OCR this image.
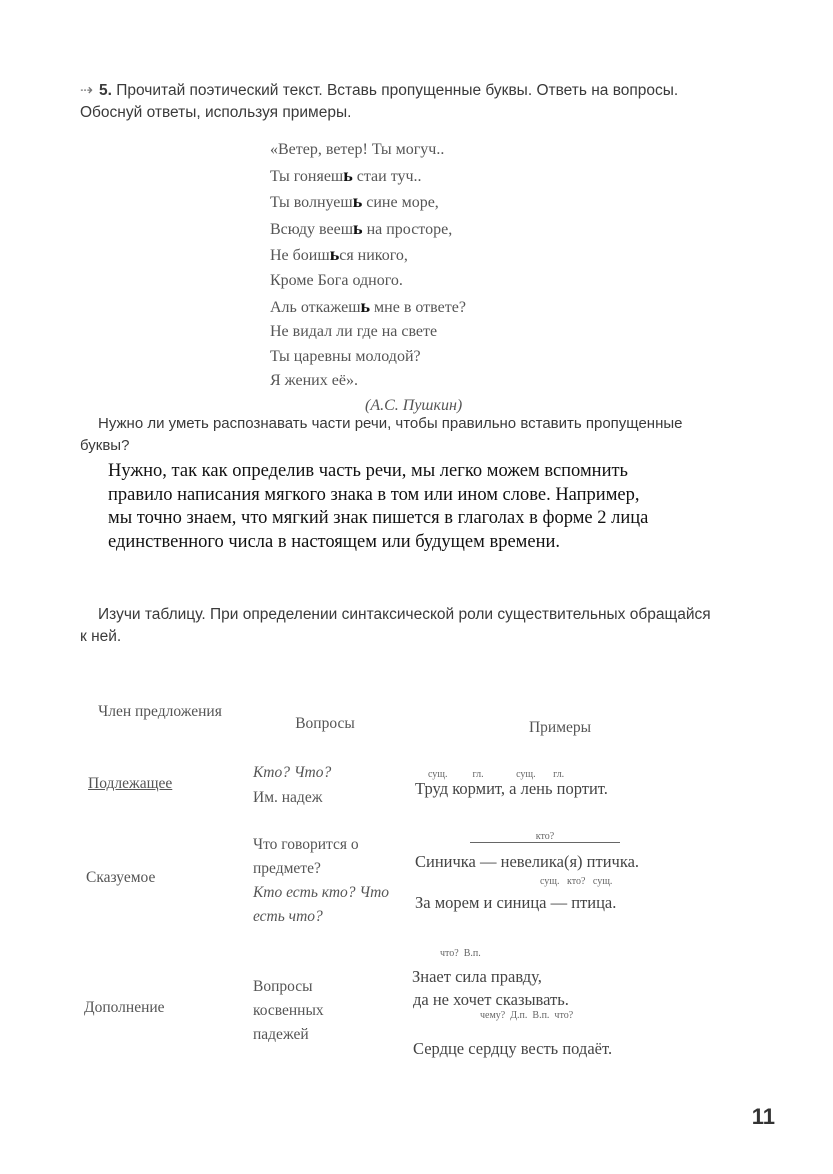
⇢ 5. Прочитай поэтический текст. Вставь пропущенные буквы. Ответь на вопросы. Обоснуй ответы, используя примеры.
«Ветер, ветер! Ты могуч..
Ты гоняешь стаи туч..
Ты волнуешь сине море,
Всюду веешь на просторе,
Не боишься никого,
Кроме Бога одного.
Аль откажешь мне в ответе?
Не видал ли где на свете
Ты царевны молодой?
Я жених её».
(А.С. Пушкин)
Нужно ли уметь распознавать части речи, чтобы правильно вставить пропущенные буквы?
Нужно, так как определив часть речи, мы легко можем вспомнить правило написания мягкого знака в том или ином слове. Например, мы точно знаем, что мягкий знак пишется в глаголах в форме 2 лица единственного числа в настоящем или будущем времени.
Изучи таблицу. При определении синтаксической роли существительных обращайся к ней.
Член предложения
Вопросы	Примеры
Подлежащее
Кто? Что?
Им. надеж
сущ.          гл.             сущ.       гл.
Труд кормит, а лень портит.
Сказуемое
Что говорится о предмете?
Кто есть кто? Что есть что?
кто?
Синичка — невелика(я) птичка.
сущ.   кто?   сущ.
За морем и синица — птица.
Дополнение
Вопросы косвенных падежей
что?  В.п.
Знает сила правду,
да не хочет сказывать.
чему?  Д.п.  В.п.  что?
Сердце сердцу весть подаёт.
11
